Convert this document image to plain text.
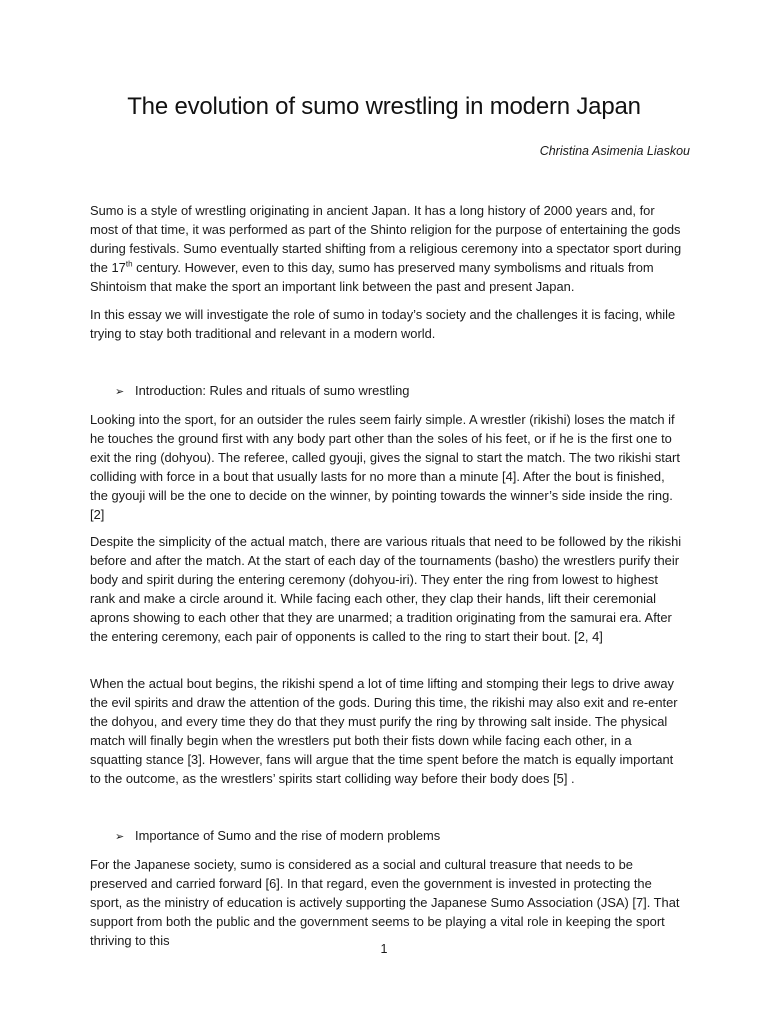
The evolution of sumo wrestling in modern Japan
Christina Asimenia Liaskou
Sumo is a style of wrestling originating in ancient Japan. It has a long history of 2000 years and, for most of that time, it was performed as part of the Shinto religion for the purpose of entertaining the gods during festivals. Sumo eventually started shifting from a religious ceremony into a spectator sport during the 17th century. However, even to this day, sumo has preserved many symbolisms and rituals from Shintoism that make the sport an important link between the past and present Japan.
In this essay we will investigate the role of sumo in today’s society and the challenges it is facing, while trying to stay both traditional and relevant in a modern world.
➢ Introduction: Rules and rituals of sumo wrestling
Looking into the sport, for an outsider the rules seem fairly simple. A wrestler (rikishi) loses the match if he touches the ground first with any body part other than the soles of his feet, or if he is the first one to exit the ring (dohyou). The referee, called gyouji, gives the signal to start the match. The two rikishi start colliding with force in a bout that usually lasts for no more than a minute [4]. After the bout is finished, the gyouji will be the one to decide on the winner, by pointing towards the winner’s side inside the ring.[2]
Despite the simplicity of the actual match, there are various rituals that need to be followed by the rikishi before and after the match. At the start of each day of the tournaments (basho) the wrestlers purify their body and spirit during the entering ceremony (dohyou-iri). They enter the ring from lowest to highest rank and make a circle around it. While facing each other, they clap their hands, lift their ceremonial aprons showing to each other that they are unarmed; a tradition originating from the samurai era. After the entering ceremony, each pair of opponents is called to the ring to start their bout. [2, 4]
When the actual bout begins, the rikishi spend a lot of time lifting and stomping their legs to drive away the evil spirits and draw the attention of the gods. During this time, the rikishi may also exit and re-enter the dohyou, and every time they do that they must purify the ring by throwing salt inside. The physical match will finally begin when the wrestlers put both their fists down while facing each other, in a squatting stance [3]. However, fans will argue that the time spent before the match is equally important to the outcome, as the wrestlers’ spirits start colliding way before their body does [5] .
➢ Importance of Sumo and the rise of modern problems
For the Japanese society, sumo is considered as a social and cultural treasure that needs to be preserved and carried forward [6]. In that regard, even the government is invested in protecting the sport, as the ministry of education is actively supporting the Japanese Sumo Association (JSA) [7]. That support from both the public and the government seems to be playing a vital role in keeping the sport thriving to this
1
